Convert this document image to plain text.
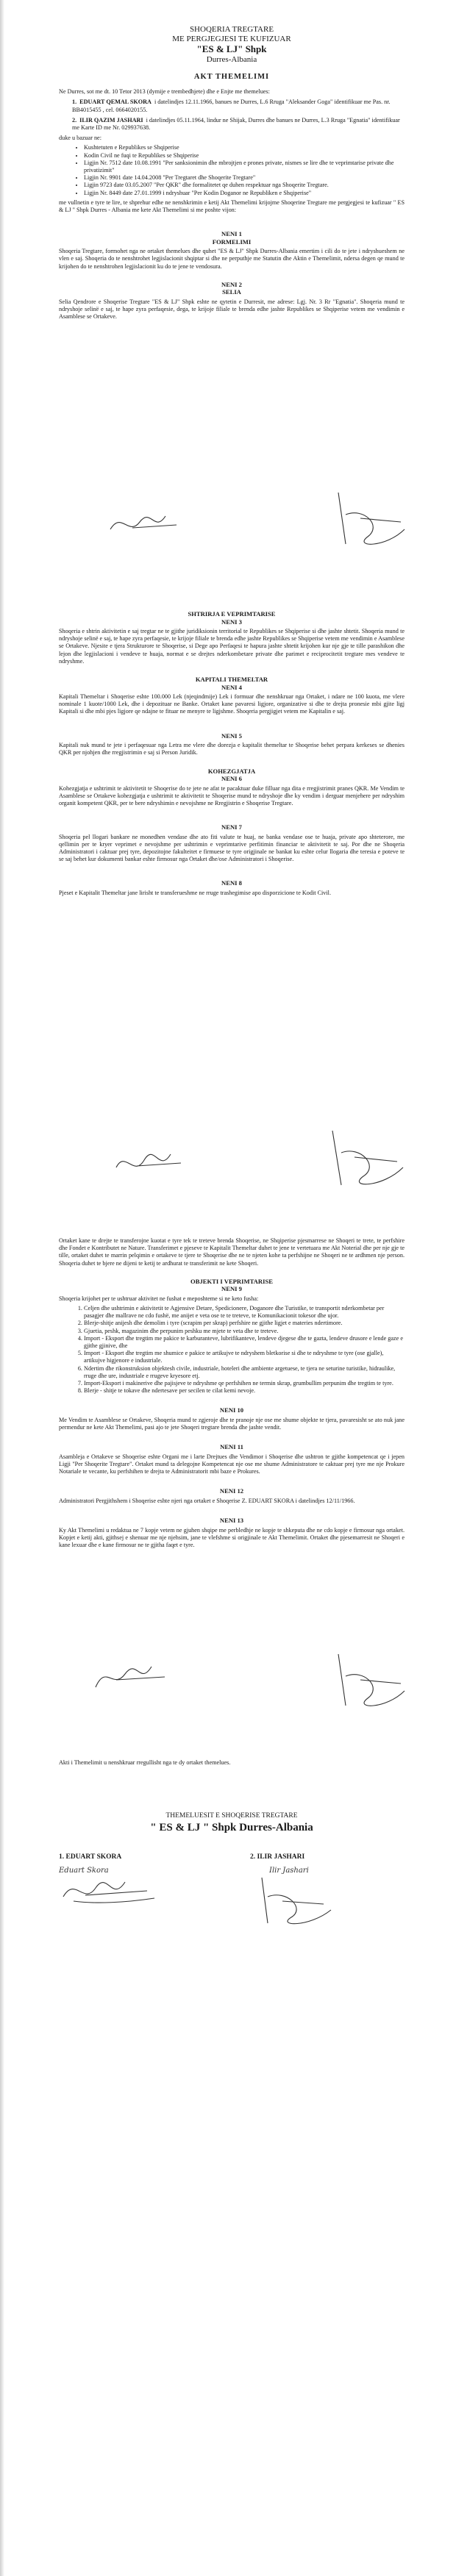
SHOQERIA TREGTARE
ME PERGJEGJESI TE KUFIZUAR
"ES & LJ" Shpk
Durres-Albania
AKT THEMELIMI

Ne Durres, sot me dt. 10 Tetor 2013 (dymije e trembedhjete) dhe e Enjte me themelues:

1. EDUART QEMAL SKORA i datelindjes 12.11.1966, banues ne Durres, L.6 Rruga "Aleksander Goga" identifikuar me Pas. nr. BB4015455 , cel. 0664020155.
2. ILIR QAZIM JASHARI i datelindjes 05.11.1964, lindur ne Shijak, Durres dhe banues ne Durres, L.3 Rruga "Egnatia" identifikuar me Karte ID me Nr. 029937638.

duke u bazuar ne:

• Kushtetuten e Republikes se Shqiperise
• Kodin Civil ne fuqi te Republikes se Shqiperise
• Ligjin Nr. 7512 date 10.08.1991 "Per sanksionimin dhe mbrojtjen e prones private, nismes se lire dhe te veprimtarise private dhe privatizimit"
• Ligjin Nr. 9901 date 14.04.2008 "Per Tregtaret dhe Shoqerite Tregtare"
• Ligjin 9723 date 03.05.2007 "Per QKR" dhe formalitetet qe duhen respektuar nga Shoqerite Tregtare.
• Ligjin Nr. 8449 date 27.01.1999 i ndryshuar "Per Kodin Doganor ne Republiken e Shqiperise"

me vullnetin e tyre te lire, te shprehur edhe ne nenshkrimin e ketij Akt Themelimi krijojme Shoqerine Tregtare me pergjegjesi te kufizuar " ES & LJ " Shpk Durres - Albania me kete Akt Themelimi si me poshte vijon:

NENI 1
FORMELIMI

Shoqeria Tregtare, formohet nga ne ortaket themelues dhe quhet "ES & LJ" Shpk Durres-Albania emertim i cili do te jete i ndryshueshem ne vlen e saj. Shoqeria do te nenshtrohet legjislacionit shqiptar si dhe ne perputhje me Statutin dhe Aktin e Themelimit, ndersa degen qe mund te krijohen do te nenshtrohen legjislacionit ku do te jene te vendosura.

NENI 2
SELIA

Selia Qendrore e Shoqerise Tregtare "ES & LJ" Shpk eshte ne qytetin e Durresit, me adrese: Lgj. Nr. 3 Rr "Egnatia". Shoqeria mund te ndryshoje selinë e saj, te hape zyra perfaqesie, dega, te krijoje filiale te brenda edhe jashte Republikes se Shqiperise vetem me vendimin e Asamblese se Ortakeve.

SHTRIRJA E VEPRIMTARISE
NENI 3

Shoqeria e shtrin aktivitetin e saj tregtar ne te gjithe juridiksionin territorial te Republikes se Shqiperise si dhe jashte shtetit. Shoqeria mund te ndryshoje selinë e saj, te hape zyra perfaqesie, te krijoje filiale te brenda edhe jashte Republikes se Shqiperise vetem me vendimin e Asamblese se Ortakeve. Njesite e tjera Strukturore te Shoqerise, si Dege apo Perfaqesi te hapura jashte shtetit krijohen kur nje gje te tille parashikon dhe lejon dhe legjislacioni i vendeve te huaja, normat e se drejtes nderkombetare private dhe parimet e reciprocitetit tregtare mes vendeve te ndryshme.

KAPITALI THEMELTAR
NENI 4

Kapitali Themeltar i Shoqerise eshte 100.000 Lek (njeqindmije) Lek i formuar dhe nenshkruar nga Ortaket, i ndare ne 100 kuota, me vlere nominale 1 kuote/1000 Lek, dhe i depozituar ne Banke. Ortaket kane pavaresi ligjore, organizative si dhe te drejta pronesie mbi gjite ligj Kapitali si dhe mbi pjes ligjore qe ndajne te fituar ne menyre te ligjshme. Shoqeria pergjigjet vetem me Kapitalin e saj.

NENI 5

Kapitali nuk mund te jete i perfaqesuar nga Letra me vlere dhe dorezja e kapitalit themeltar te Shoqerise behet perpara kerkeses se dhenies QKR per njohjen dhe rregjistrimin e saj si Person Juridik.

KOHEZGJATJA
NENI 6

Kohezgjatja e ushtrimit te aktivitetit te Shoqerise do te jete ne afat te pacaktuar duke filluar nga dita e rregjistrimit pranes QKR. Me Vendim te Asamblese se Ortakeve kohezgjatja e ushtrimit te aktivitetit te Shoqerise mund te ndryshoje dhe ky vendim i derguar menjehere per ndryshim organit kompetent QKR, per te bere ndryshimin e nevojshme ne Rregjistrin e Shoqerise Tregtare.

NENI 7

Shoqeria pel llogari bankare ne monedhen vendase dhe ato fiti valute te huaj, ne banka vendase ose te huaja, private apo shteterore, me qellimin per te kryer veprimet e nevojshme per ushtrimin e veprimtarive perfitimin financiar te aktivitetit te saj. Por dhe ne Shoqeria Administratori i caktuar prej tyre, depozitojne fakulteitet e firmuese te tyre origjinale ne bankat ku eshte celur llogaria dhe teresia e poteve te se saj behet kur dokumenti bankar eshte firmosur nga Ortaket dhe/ose Administratori i Shoqerise.

NENI 8

Pjeset e Kapitalit Themeltar jane lirisht te transferueshme ne rruge trashegimise apo disporzicione te Kodit Civil.

Ortaket kane te drejte te transferojne kuotat e tyre tek te treteve brenda Shoqerise, ne Shqiperise pjesmarrese ne Shoqeri te trete, te perfshire dhe Fondet e Kontributet ne Nature. Transferimet e pjeseve te Kapitalit Themeltar duhet te jene te vertetuara me Akt Noterial dhe per nje gje te tille, ortaket duhet te marrin pelqimin e ortakeve te tjere te Shoqerise dhe ne te njeten kohe ta perfshijne ne Shoqeri ne te ardhmen nje person. Shoqeria duhet te bjere ne dijeni te ketij te ardhurat te transferimit ne kete Shoqeri.

OBJEKTI I VEPRIMTARISE
NENI 9

Shoqeria krijohet per te ushtruar aktivitet ne fushat e meposhteme si ne keto fusha:

1. Celjen dhe ushtrimin e aktivitetit te Agjensive Detare, Spedicionere, Doganore dhe Turistike, te transportit nderkombetar per pasagjer dhe mallrave ne cdo fushë, me anijet e veta ose te te treteve, te Komunikacionit tokesor dhe ujor.
2. Blerje-shitje anijesh dhe demolim i tyre (scrapim per skrap) perfshire ne gjithe ligjet e materies ndertimore.
3. Gjuetia, peshk, magazinim dhe perpunim peshku me mjete te veta dhe te treteve.
4. Import - Eksport dhe tregtim me pakice te karburanteve, lubrifikanteve, lendeve djegese dhe te gazta, lendeve drusore e lende gaze e gjithe gjinive, dhe
5. Import - Eksport dhe tregtim me shumice e pakice te artikujve te ndryshem bletkorise si dhe te ndryshme te tyre (ose gjalle), artikujve higjenore e industriale.
6. Ndertim dhe rikonstruksion objektesh civile, industriale, hoteleri dhe ambiente argetuese, te tjera ne seturine turistike, hidraulike, rruge dhe ure, industriale e rrugeve kryesore etj.
7. Import-Eksport i makinerive dhe pajisjeve te ndryshme qe perfshihen ne termin skrap, grumbullim perpunim dhe tregtim te tyre.
8. Blerje - shitje te tokave dhe ndertesave per secilen te cilat kemi nevoje.
NENI 10

Me Vendim te Asamblese se Ortakeve, Shoqeria mund te zgjeroje dhe te pranoje nje ose me shume objekte te tjera, pavaresisht se ato nuk jane permendur ne kete Akt Themelimi, pasi ajo te jete Shoqeri tregtare brenda dhe jashte vendit.

NENI 11

Asambleja e Ortakeve se Shoqerise eshte Organi me i larte Drejtues dhe Vendimor i Shoqerise dhe ushtron te gjithe kompetencat qe i jepen Ligji "Per Shoqerite Tregtare". Ortaket mund ta delegojne Kompetencat nje ose me shume Administratore te caktuar prej tyre me nje Prokure Notariale te vecante, ku perfshihen te drejta te Administratorit mbi baze e Prokures.

NENI 12

Administratori Pergjithshem i Shoqerise eshte njeri nga ortaket e Shoqerise Z. EDUART SKORA i datelindjes 12/11/1966.

NENI 13

Ky Akt Themelimi u redaktua ne 7 kopje vetem ne gjuhen shqipe me perbledhje ne kopje te shkeputa dhe ne cdo kopje e firmosur nga ortaket. Kopjet e ketij akti, gjithsej e shenuar me nje njehsim, jane te vlefshme si origjinale te Akt Themelimit. Ortaket dhe pjesemarresit ne Shoqeri e kane lexuar dhe e kane firmosur ne te gjitha faqet e tyre.

Akti i Themelimit u nenshkruar rregullisht nga te dy ortaket themelues.

THEMELUESIT E SHOQERISE TREGTARE
" ES & LJ " Shpk Durres-Albania
1. EDUART SKORA
Eduart Skora
2. ILIR JASHARI
Ilir Jashari
